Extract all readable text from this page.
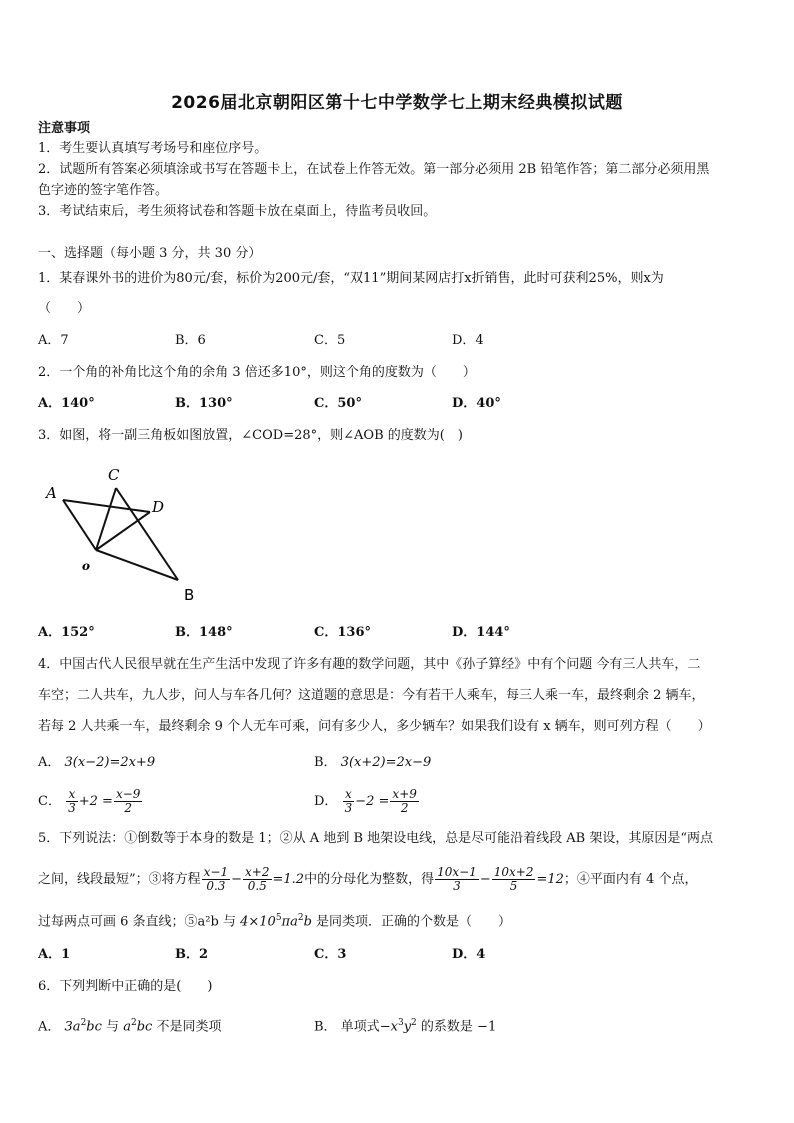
2026届北京朝阳区第十七中学数学七上期末经典模拟试题
注意事项
1．考生要认真填写考场号和座位序号。
2．试题所有答案必须填涂或书写在答题卡上，在试卷上作答无效。第一部分必须用 2B 铅笔作答；第二部分必须用黑
色字迹的签字笔作答。
3．考试结束后，考生须将试卷和答题卡放在桌面上，待监考员收回。
一、选择题（每小题 3 分，共 30 分）
1．某春课外书的进价为80元/套，标价为200元/套，“双11”期间某网店打x折销售，此时可获利25%，则x为
（　　）
A．7	B．6	C．5	D．4
2．一个角的补角比这个角的余角 3 倍还多10°，则这个角的度数为（　　）
A．140°	B．130°	C．50°	D．40°
3．如图，将一副三角板如图放置，∠COD=28°，则∠AOB 的度数为(　)
A
C
D
o
B
A．152°	B．148°	C．136°	D．144°
4．中国古代人民很早就在生产生活中发现了许多有趣的数学问题，其中《孙子算经》中有个问题 今有三人共车，二
车空；二人共车，九人步，问人与车各几何？这道题的意思是：今有若干人乘车，每三人乘一车，最终剩余 2 辆车，
若每 2 人共乘一车，最终剩余 9 个人无车可乘，问有多少人，多少辆车？如果我们设有 x 辆车，则可列方程（　　）
A． 3(x−2)=2x+9	B． 3(x+2)=2x−9
C． $\frac{x}{3} +2 = \frac{x-9}{2}$	D． $\frac{x}{3} -2 = \frac{x+9}{2}$
5．下列说法：①倒数等于本身的数是 1；②从 A 地到 B 地架设电线，总是尽可能沿着线段 AB 架设，其原因是“两点
之间，线段最短”；③将方程 $\frac{x-1}{0.3} - \frac{x+2}{0.5} =1.2$中的分母化为整数，得 $\frac{10x-1}{3} - \frac{10x+2}{5} =12$；④平面内有 4 个点，
过每两点可画 6 条直线；⑤a²b 与 $4\times 10^5\pi a^2b$ 是同类项．正确的个数是（　　）
A．1	B．2	C．3	D．4
6．下列判断中正确的是(　　)
A． $3a^2bc$ 与 $a^2bc$ 不是同类项	B． 单项式$-x^3y^2$ 的系数是 −1
